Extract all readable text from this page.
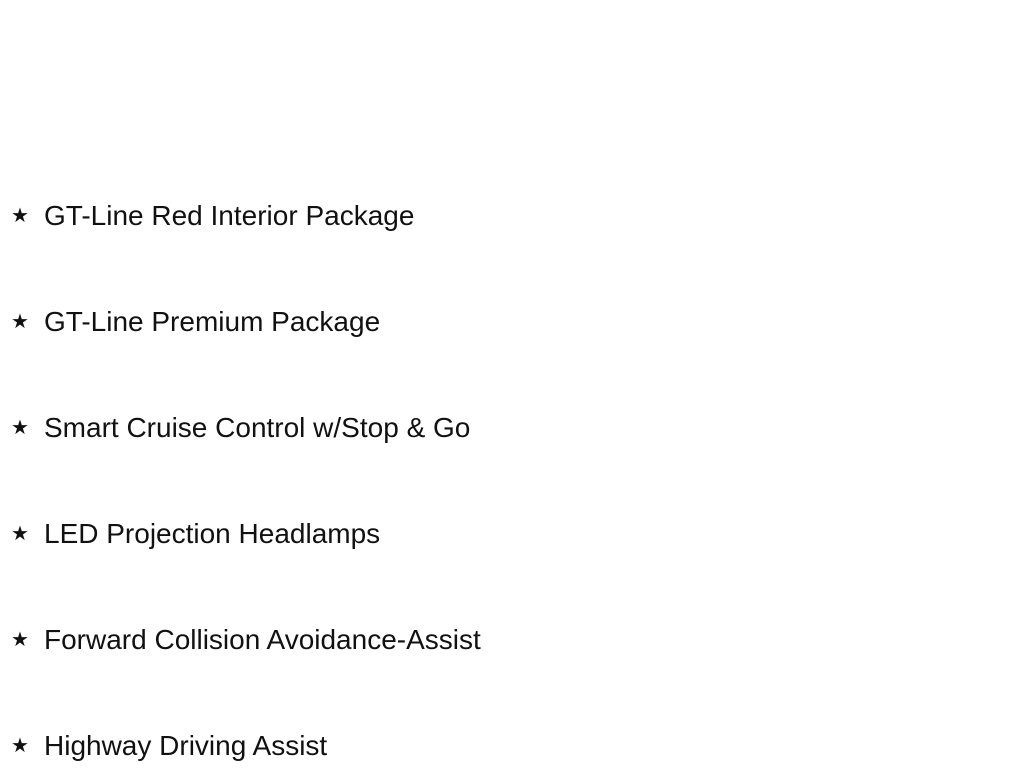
★ GT-Line Red Interior Package
★ GT-Line Premium Package
★ Smart Cruise Control w/Stop & Go
★ LED Projection Headlamps
★ Forward Collision Avoidance-Assist
★ Highway Driving Assist
